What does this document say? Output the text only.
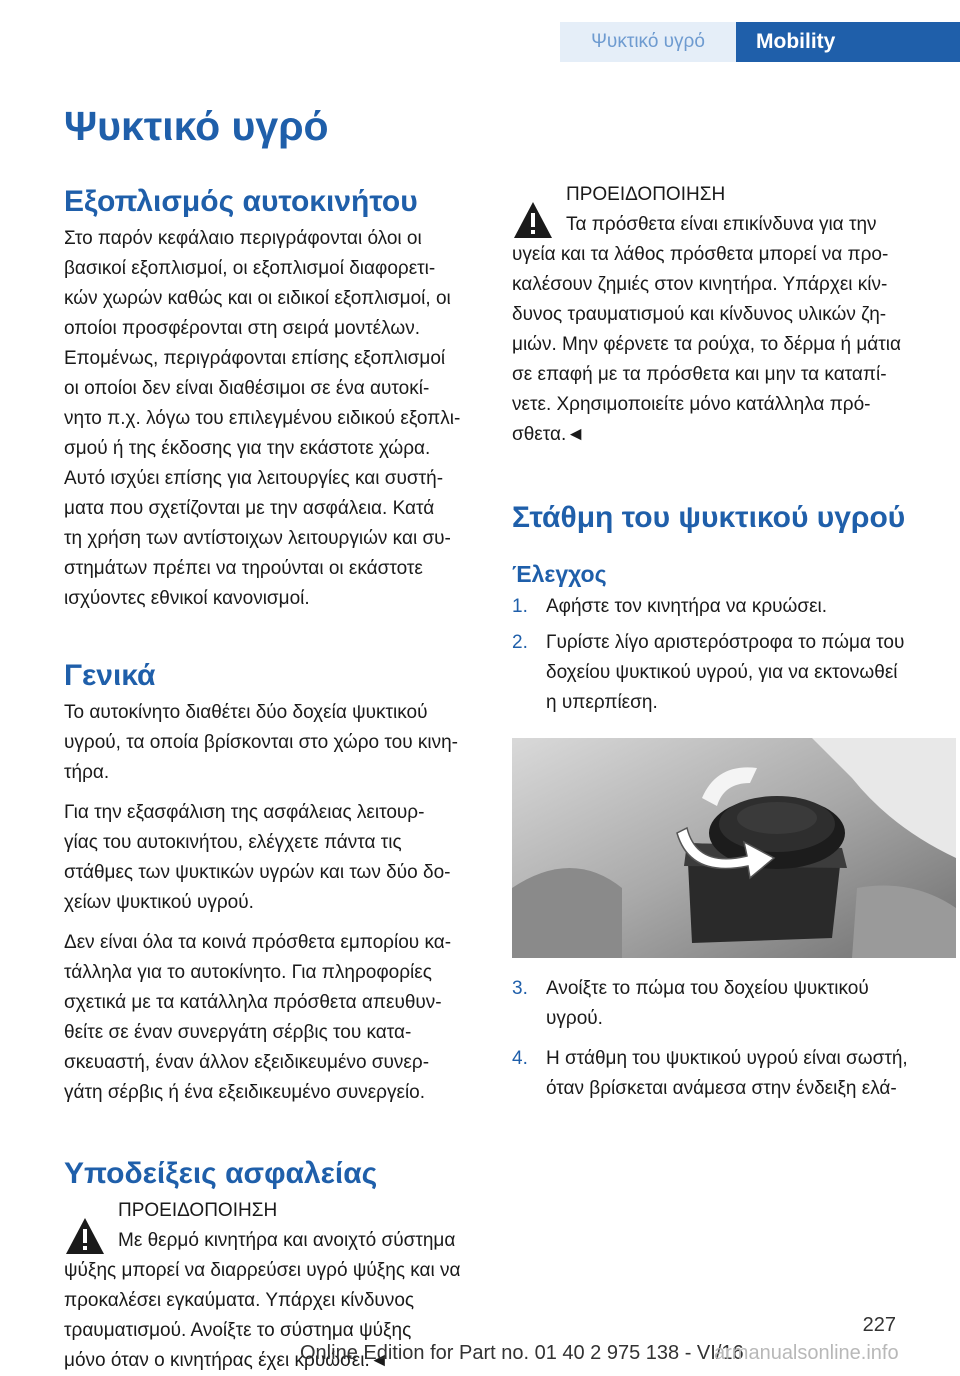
Ψυκτικό υγρό	Mobility
Ψυκτικό υγρό
Εξοπλισμός αυτοκινήτου

Στο παρόν κεφάλαιο περιγράφονται όλοι οι
βασικοί εξοπλισμοί, οι εξοπλισμοί διαφορετι‐
κών χωρών καθώς και οι ειδικοί εξοπλισμοί, οι
οποίοι προσφέρονται στη σειρά μοντέλων.
Επομένως, περιγράφονται επίσης εξοπλισμοί
οι οποίοι δεν είναι διαθέσιμοι σε ένα αυτοκί‐
νητο π.χ. λόγω του επιλεγμένου ειδικού εξοπλι‐
σμού ή της έκδοσης για την εκάστοτε χώρα.
Αυτό ισχύει επίσης για λειτουργίες και συστή‐
ματα που σχετίζονται με την ασφάλεια. Κατά
τη χρήση των αντίστοιχων λειτουργιών και συ‐
στημάτων πρέπει να τηρούνται οι εκάστοτε
ισχύοντες εθνικοί κανονισμοί.

Γενικά

Το αυτοκίνητο διαθέτει δύο δοχεία ψυκτικού
υγρού, τα οποία βρίσκονται στο χώρο του κινη‐
τήρα.

Για την εξασφάλιση της ασφάλειας λειτουρ‐
γίας του αυτοκινήτου, ελέγχετε πάντα τις
στάθμες των ψυκτικών υγρών και των δύο δο‐
χείων ψυκτικού υγρού.

Δεν είναι όλα τα κοινά πρόσθετα εμπορίου κα‐
τάλληλα για το αυτοκίνητο. Για πληροφορίες
σχετικά με τα κατάλληλα πρόσθετα απευθυν‐
θείτε σε έναν συνεργάτη σέρβις του κατα‐
σκευαστή, έναν άλλον εξειδικευμένο συνερ‐
γάτη σέρβις ή ένα εξειδικευμένο συνεργείο.

Υποδείξεις ασφαλείας
ΠΡΟΕΙΔΟΠΟΙΗΣΗ

Με θερμό κινητήρα και ανοιχτό σύστημα
ψύξης μπορεί να διαρρεύσει υγρό ψύξης και να
προκαλέσει εγκαύματα. Υπάρχει κίνδυνος
τραυματισμού. Ανοίξτε το σύστημα ψύξης
μόνο όταν ο κινητήρας έχει κρυώσει.◄

ΠΡΟΕΙΔΟΠΟΙΗΣΗ

Τα πρόσθετα είναι επικίνδυνα για την
υγεία και τα λάθος πρόσθετα μπορεί να προ‐
καλέσουν ζημιές στον κινητήρα. Υπάρχει κίν‐
δυνος τραυματισμού και κίνδυνος υλικών ζη‐
μιών. Μην φέρνετε τα ρούχα, το δέρμα ή μάτια
σε επαφή με τα πρόσθετα και μην τα καταπί‐
νετε. Χρησιμοποιείτε μόνο κατάλληλα πρό‐
σθετα.◄

Στάθμη του ψυκτικού υγρού
Έλεγχος
1. Αφήστε τον κινητήρα να κρυώσει.
2. Γυρίστε λίγο αριστερόστροφα το πώμα του
δοχείου ψυκτικού υγρού, για να εκτονωθεί
η υπερπίεση.
3. Ανοίξτε το πώμα του δοχείου ψυκτικού
υγρού.
4. Η στάθμη του ψυκτικού υγρού είναι σωστή,
όταν βρίσκεται ανάμεσα στην ένδειξη ελά‐
227
Online Edition for Part no. 01 40 2 975 138 - VI/16
armanualsonline.info
